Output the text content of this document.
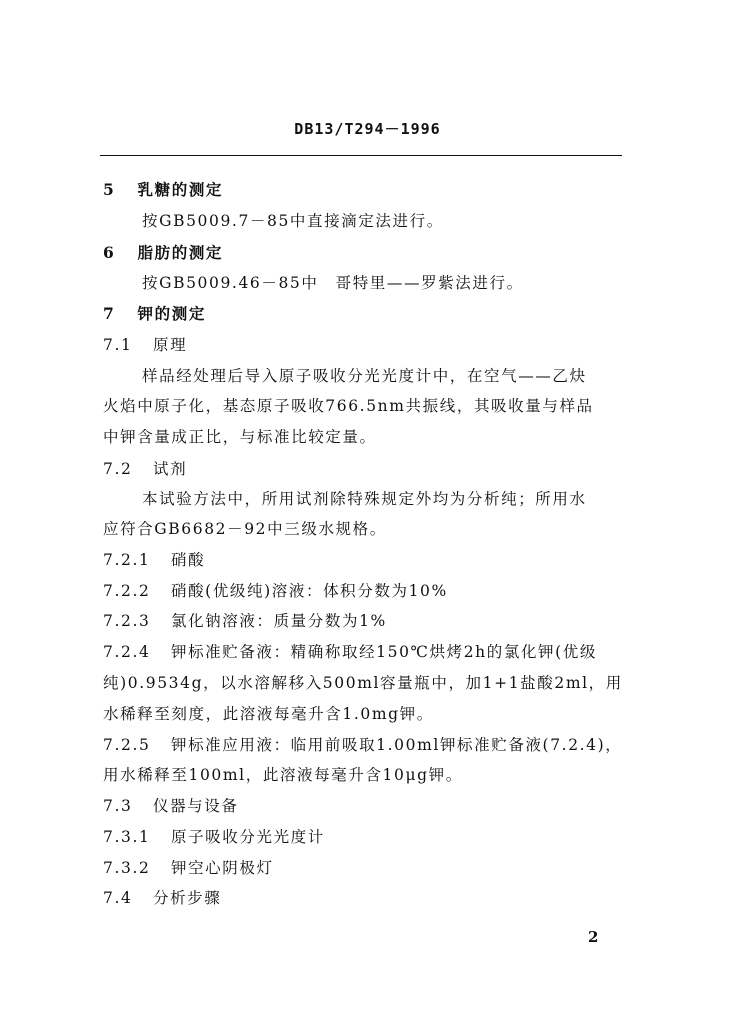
DB13/T294－1996
5 乳糖的测定
按GB5009.7－85中直接滴定法进行。
6 脂肪的测定
按GB5009.46－85中　哥特里——罗紫法进行。
7 钾的测定
7.1 原理
样品经处理后导入原子吸收分光光度计中，在空气——乙炔
火焰中原子化，基态原子吸收766.5nm共振线，其吸收量与样品
中钾含量成正比，与标准比较定量。
7.2 试剂
本试验方法中，所用试剂除特殊规定外均为分析纯；所用水
应符合GB6682－92中三级水规格。
7.2.1 硝酸
7.2.2 硝酸(优级纯)溶液：体积分数为10%
7.2.3 氯化钠溶液：质量分数为1%
7.2.4 钾标准贮备液：精确称取经150℃烘烤2h的氯化钾(优级
纯)0.9534g，以水溶解移入500ml容量瓶中，加1+1盐酸2ml，用
水稀释至刻度，此溶液每毫升含1.0mg钾。
7.2.5 钾标准应用液：临用前吸取1.00ml钾标准贮备液(7.2.4)，
用水稀释至100ml，此溶液每毫升含10μg钾。
7.3 仪器与设备
7.3.1 原子吸收分光光度计
7.3.2 钾空心阴极灯
7.4 分析步骤
2
